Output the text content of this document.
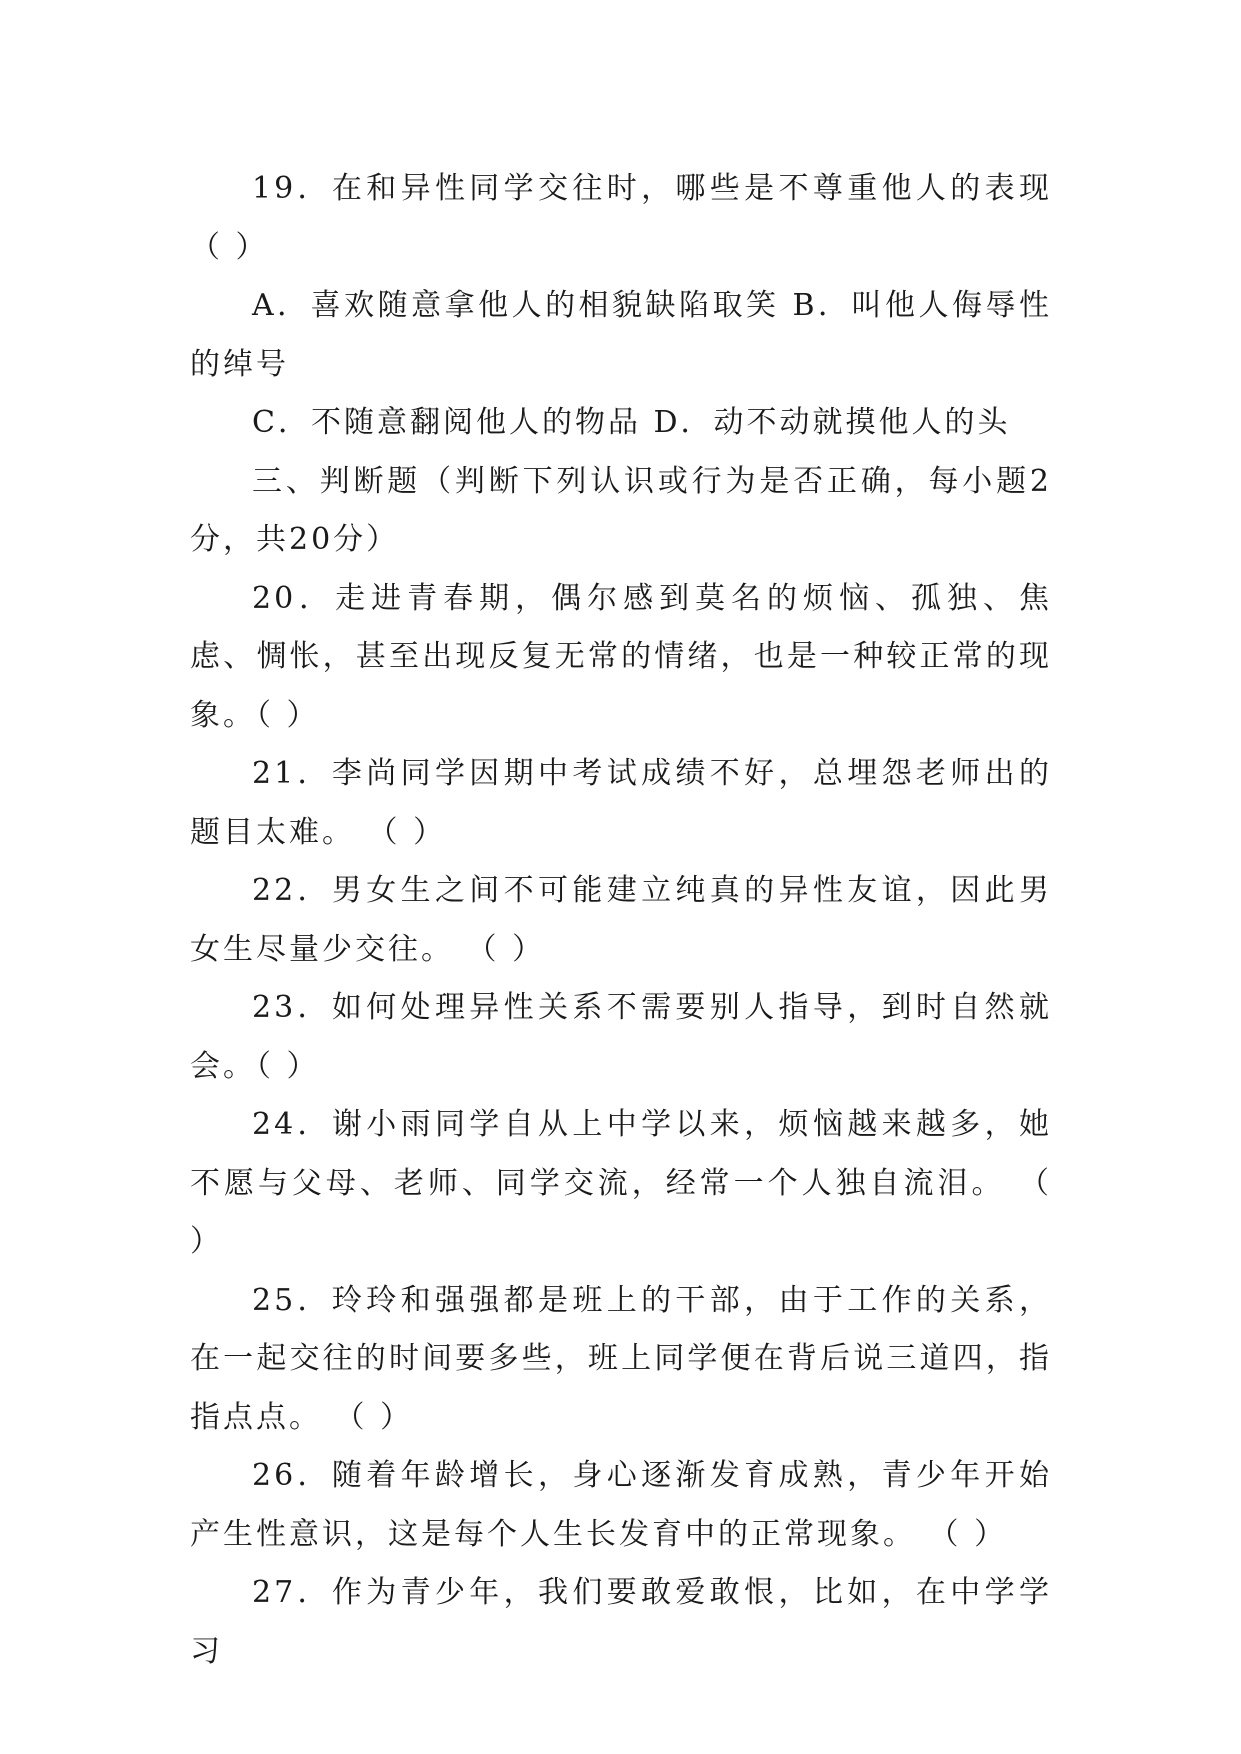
19．在和异性同学交往时，哪些是不尊重他人的表现（ ）

A．喜欢随意拿他人的相貌缺陷取笑 B．叫他人侮辱性的绰号

C．不随意翻阅他人的物品 D．动不动就摸他人的头

三、判断题（判断下列认识或行为是否正确，每小题2分，共20分）

20．走进青春期，偶尔感到莫名的烦恼、孤独、焦虑、惆怅，甚至出现反复无常的情绪，也是一种较正常的现象。（ ）

21．李尚同学因期中考试成绩不好，总埋怨老师出的题目太难。 （ ）

22．男女生之间不可能建立纯真的异性友谊，因此男女生尽量少交往。 （ ）

23．如何处理异性关系不需要别人指导，到时自然就会。（ ）

24．谢小雨同学自从上中学以来，烦恼越来越多，她不愿与父母、老师、同学交流，经常一个人独自流泪。 （ ）

25．玲玲和强强都是班上的干部，由于工作的关系，在一起交往的时间要多些，班上同学便在背后说三道四，指指点点。 （ ）

26．随着年龄增长，身心逐渐发育成熟，青少年开始产生性意识，这是每个人生长发育中的正常现象。 （ ）

27．作为青少年，我们要敢爱敢恨，比如，在中学学习
